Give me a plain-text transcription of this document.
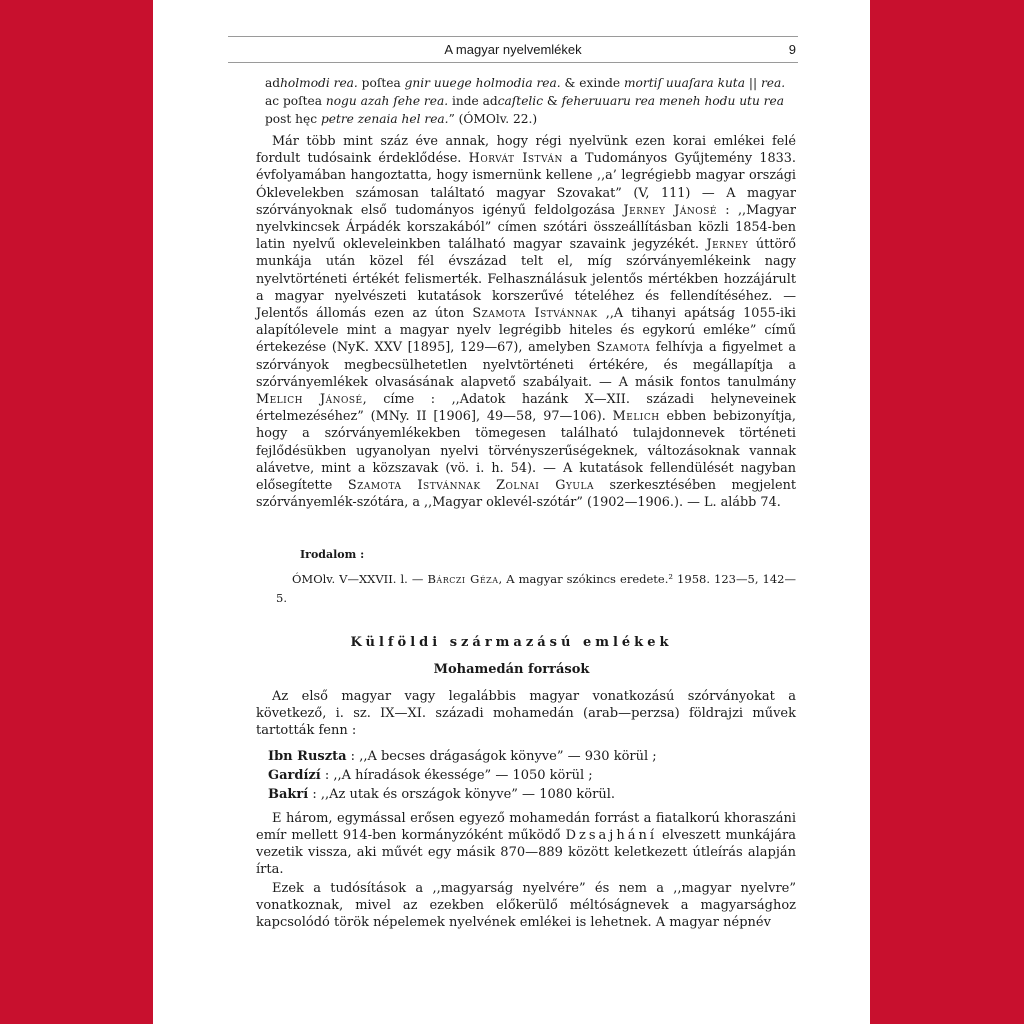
A magyar nyelvemlékek	9
adholmodi rea. poſtea gnir uuege holmodia rea. & exinde mortiſ uuaſara kuta || rea.
ac poſtea nogu azah ſehe rea. inde adcaſtelic & feheruuaru rea meneh hodu utu rea
post hęc petre zenaia hel rea.” (ÓMOlv. 22.)
Már több mint száz éve annak, hogy régi nyelvünk ezen korai emlékei felé fordult tudósaink érdeklődése. Horvát István a Tudományos Gyűjtemény 1833. évfolyamában hangoztatta, hogy ismernünk kellene ,,a’ legrégiebb magyar országi Óklevelekben számosan találtató magyar Szovakat” (V, 111) — A magyar szórványoknak első tudományos igényű feldolgozása Jerney Jánosé : ,,Magyar nyelvkincsek Árpádék korszakából” címen szótári összeállításban közli 1854-ben latin nyelvű okleveleinkben található magyar szavaink jegyzékét. Jerney úttörő munkája után közel fél évszázad telt el, míg szórványemlékeink nagy nyelvtörténeti értékét felismerték. Felhasználásuk jelentős mértékben hozzájárult a magyar nyelvészeti kutatások korszerűvé tételéhez és fellendítéséhez. — Jelentős állomás ezen az úton Szamota Istvánnak ,,A tihanyi apátság 1055-iki alapítólevele mint a magyar nyelv legrégibb hiteles és egykorú emléke” című értekezése (NyK. XXV [1895], 129—67), amelyben Szamota felhívja a figyelmet a szórványok megbecsülhetetlen nyelvtörténeti értékére, és megállapítja a szórványemlékek olvasásának alapvető szabályait. — A másik fontos tanulmány Melich Jánosé, címe : ,,Adatok hazánk X—XII. századi helyneveinek értelmezéséhez” (MNy. II [1906], 49—58, 97—106). Melich ebben bebizonyítja, hogy a szórványemlékekben tömegesen található tulajdonnevek történeti fejlődésükben ugyanolyan nyelvi törvényszerűségeknek, változásoknak vannak alávetve, mint a közszavak (vö. i. h. 54). — A kutatások fellendülését nagyban elősegítette Szamota Istvánnak Zolnai Gyula szerkesztésében megjelent szórványemlék-szótára, a ,,Magyar oklevél-szótár” (1902—1906.). — L. alább 74.
Irodalom :
ÓMOlv. V—XXVII. l. — Bárczi Géza, A magyar szókincs eredete.² 1958. 123—5, 142—5.
Külföldi származású emlékek
Mohamedán források
Az első magyar vagy legalábbis magyar vonatkozású szórványokat a következő, i. sz. IX—XI. századi mohamedán (arab—perzsa) földrajzi művek tartották fenn :
Ibn Ruszta : ,,A becses drágaságok könyve” — 930 körül ;
Gardízí : ,,A híradások ékessége” — 1050 körül ;
Bakrí : ,,Az utak és országok könyve” — 1080 körül.
E három, egymással erősen egyező mohamedán forrást a fiatalkorú khoraszáni emír mellett 914-ben kormányzóként működő Dzsajhání elveszett munkájára vezetik vissza, aki művét egy másik 870—889 között keletkezett útleírás alapján írta.
Ezek a tudósítások a ,,magyarság nyelvére” és nem a ,,magyar nyelvre” vonatkoznak, mivel az ezekben előkerülő méltóságnevek a magyarsághoz kapcsolódó török népelemek nyelvének emlékei is lehetnek. A magyar népnév
